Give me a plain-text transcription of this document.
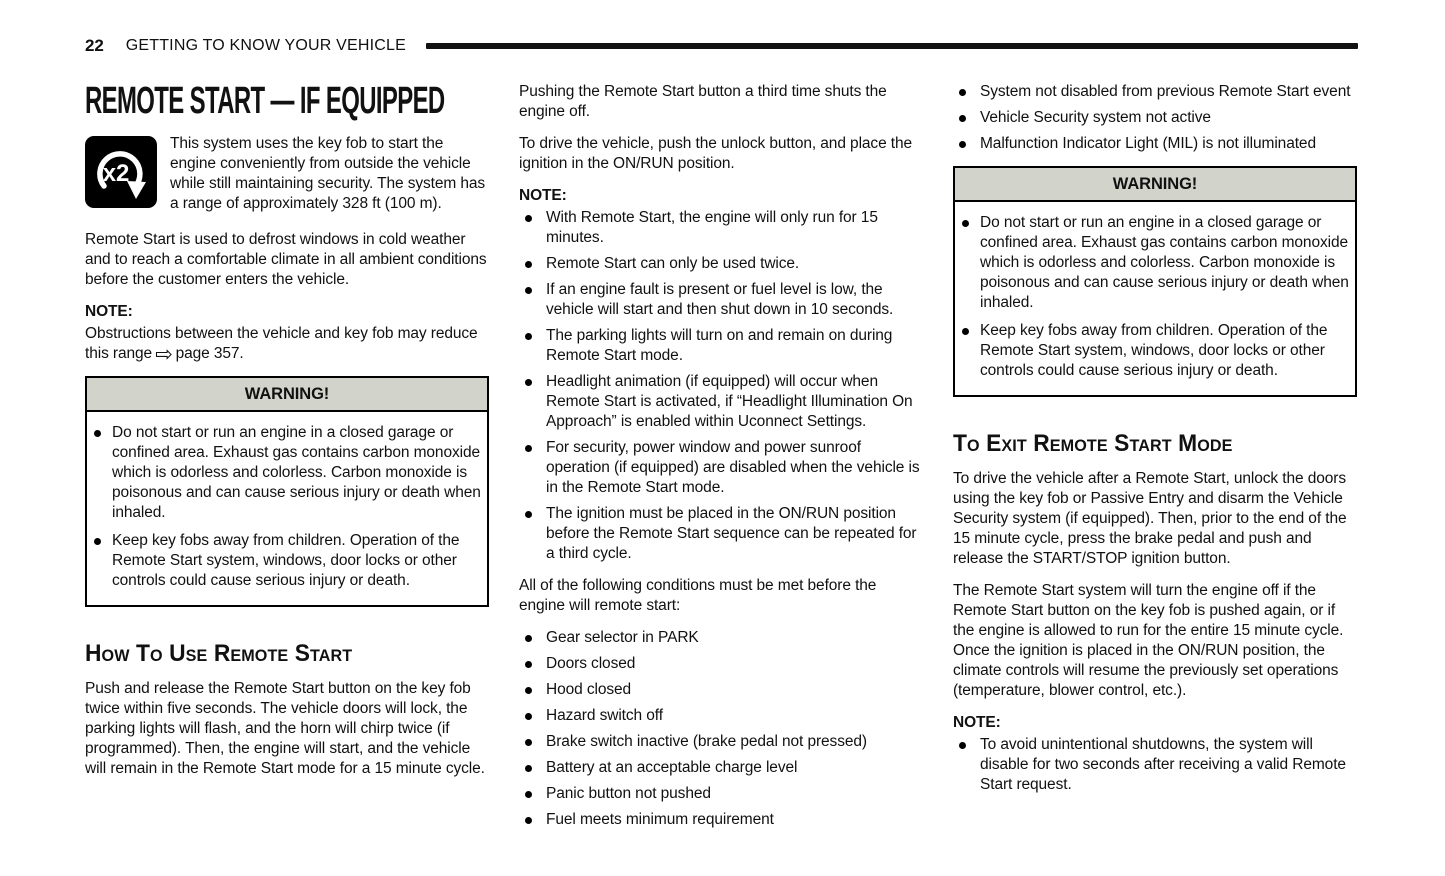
22 GETTING TO KNOW YOUR VEHICLE
REMOTE START — IF EQUIPPED
x2
This system uses the key fob to start the engine conveniently from outside the vehicle while still maintaining security. The system has a range of approximately 328 ft (100 m).

Remote Start is used to defrost windows in cold weather and to reach a comfortable climate in all ambient conditions before the customer enters the vehicle.

NOTE:

Obstructions between the vehicle and key fob may reduce this range ⇨ page 357.

WARNING!
Do not start or run an engine in a closed garage or confined area. Exhaust gas contains carbon monoxide which is odorless and colorless. Carbon monoxide is poisonous and can cause serious injury or death when inhaled.
Keep key fobs away from children. Operation of the Remote Start system, windows, door locks or other controls could cause serious injury or death.
How To Use Remote Start

Push and release the Remote Start button on the key fob twice within five seconds. The vehicle doors will lock, the parking lights will flash, and the horn will chirp twice (if programmed). Then, the engine will start, and the vehicle will remain in the Remote Start mode for a 15 minute cycle.

Pushing the Remote Start button a third time shuts the engine off.

To drive the vehicle, push the unlock button, and place the ignition in the ON/RUN position.

NOTE:
With Remote Start, the engine will only run for 15 minutes.
Remote Start can only be used twice.
If an engine fault is present or fuel level is low, the vehicle will start and then shut down in 10 seconds.
The parking lights will turn on and remain on during Remote Start mode.
Headlight animation (if equipped) will occur when Remote Start is activated, if “Headlight Illumination On Approach” is enabled within Uconnect Settings.
For security, power window and power sunroof operation (if equipped) are disabled when the vehicle is in the Remote Start mode.
The ignition must be placed in the ON/RUN position before the Remote Start sequence can be repeated for a third cycle.

All of the following conditions must be met before the engine will remote start:

Gear selector in PARK
Doors closed
Hood closed
Hazard switch off
Brake switch inactive (brake pedal not pressed)
Battery at an acceptable charge level
Panic button not pushed
Fuel meets minimum requirement
System not disabled from previous Remote Start event
Vehicle Security system not active
Malfunction Indicator Light (MIL) is not illuminated
WARNING!
Do not start or run an engine in a closed garage or confined area. Exhaust gas contains carbon monoxide which is odorless and colorless. Carbon monoxide is poisonous and can cause serious injury or death when inhaled.
Keep key fobs away from children. Operation of the Remote Start system, windows, door locks or other controls could cause serious injury or death.
To Exit Remote Start Mode

To drive the vehicle after a Remote Start, unlock the doors using the key fob or Passive Entry and disarm the Vehicle Security system (if equipped). Then, prior to the end of the 15 minute cycle, press the brake pedal and push and release the START/STOP ignition button.

The Remote Start system will turn the engine off if the Remote Start button on the key fob is pushed again, or if the engine is allowed to run for the entire 15 minute cycle. Once the ignition is placed in the ON/RUN position, the climate controls will resume the previously set operations (temperature, blower control, etc.).

NOTE:
To avoid unintentional shutdowns, the system will disable for two seconds after receiving a valid Remote Start request.
